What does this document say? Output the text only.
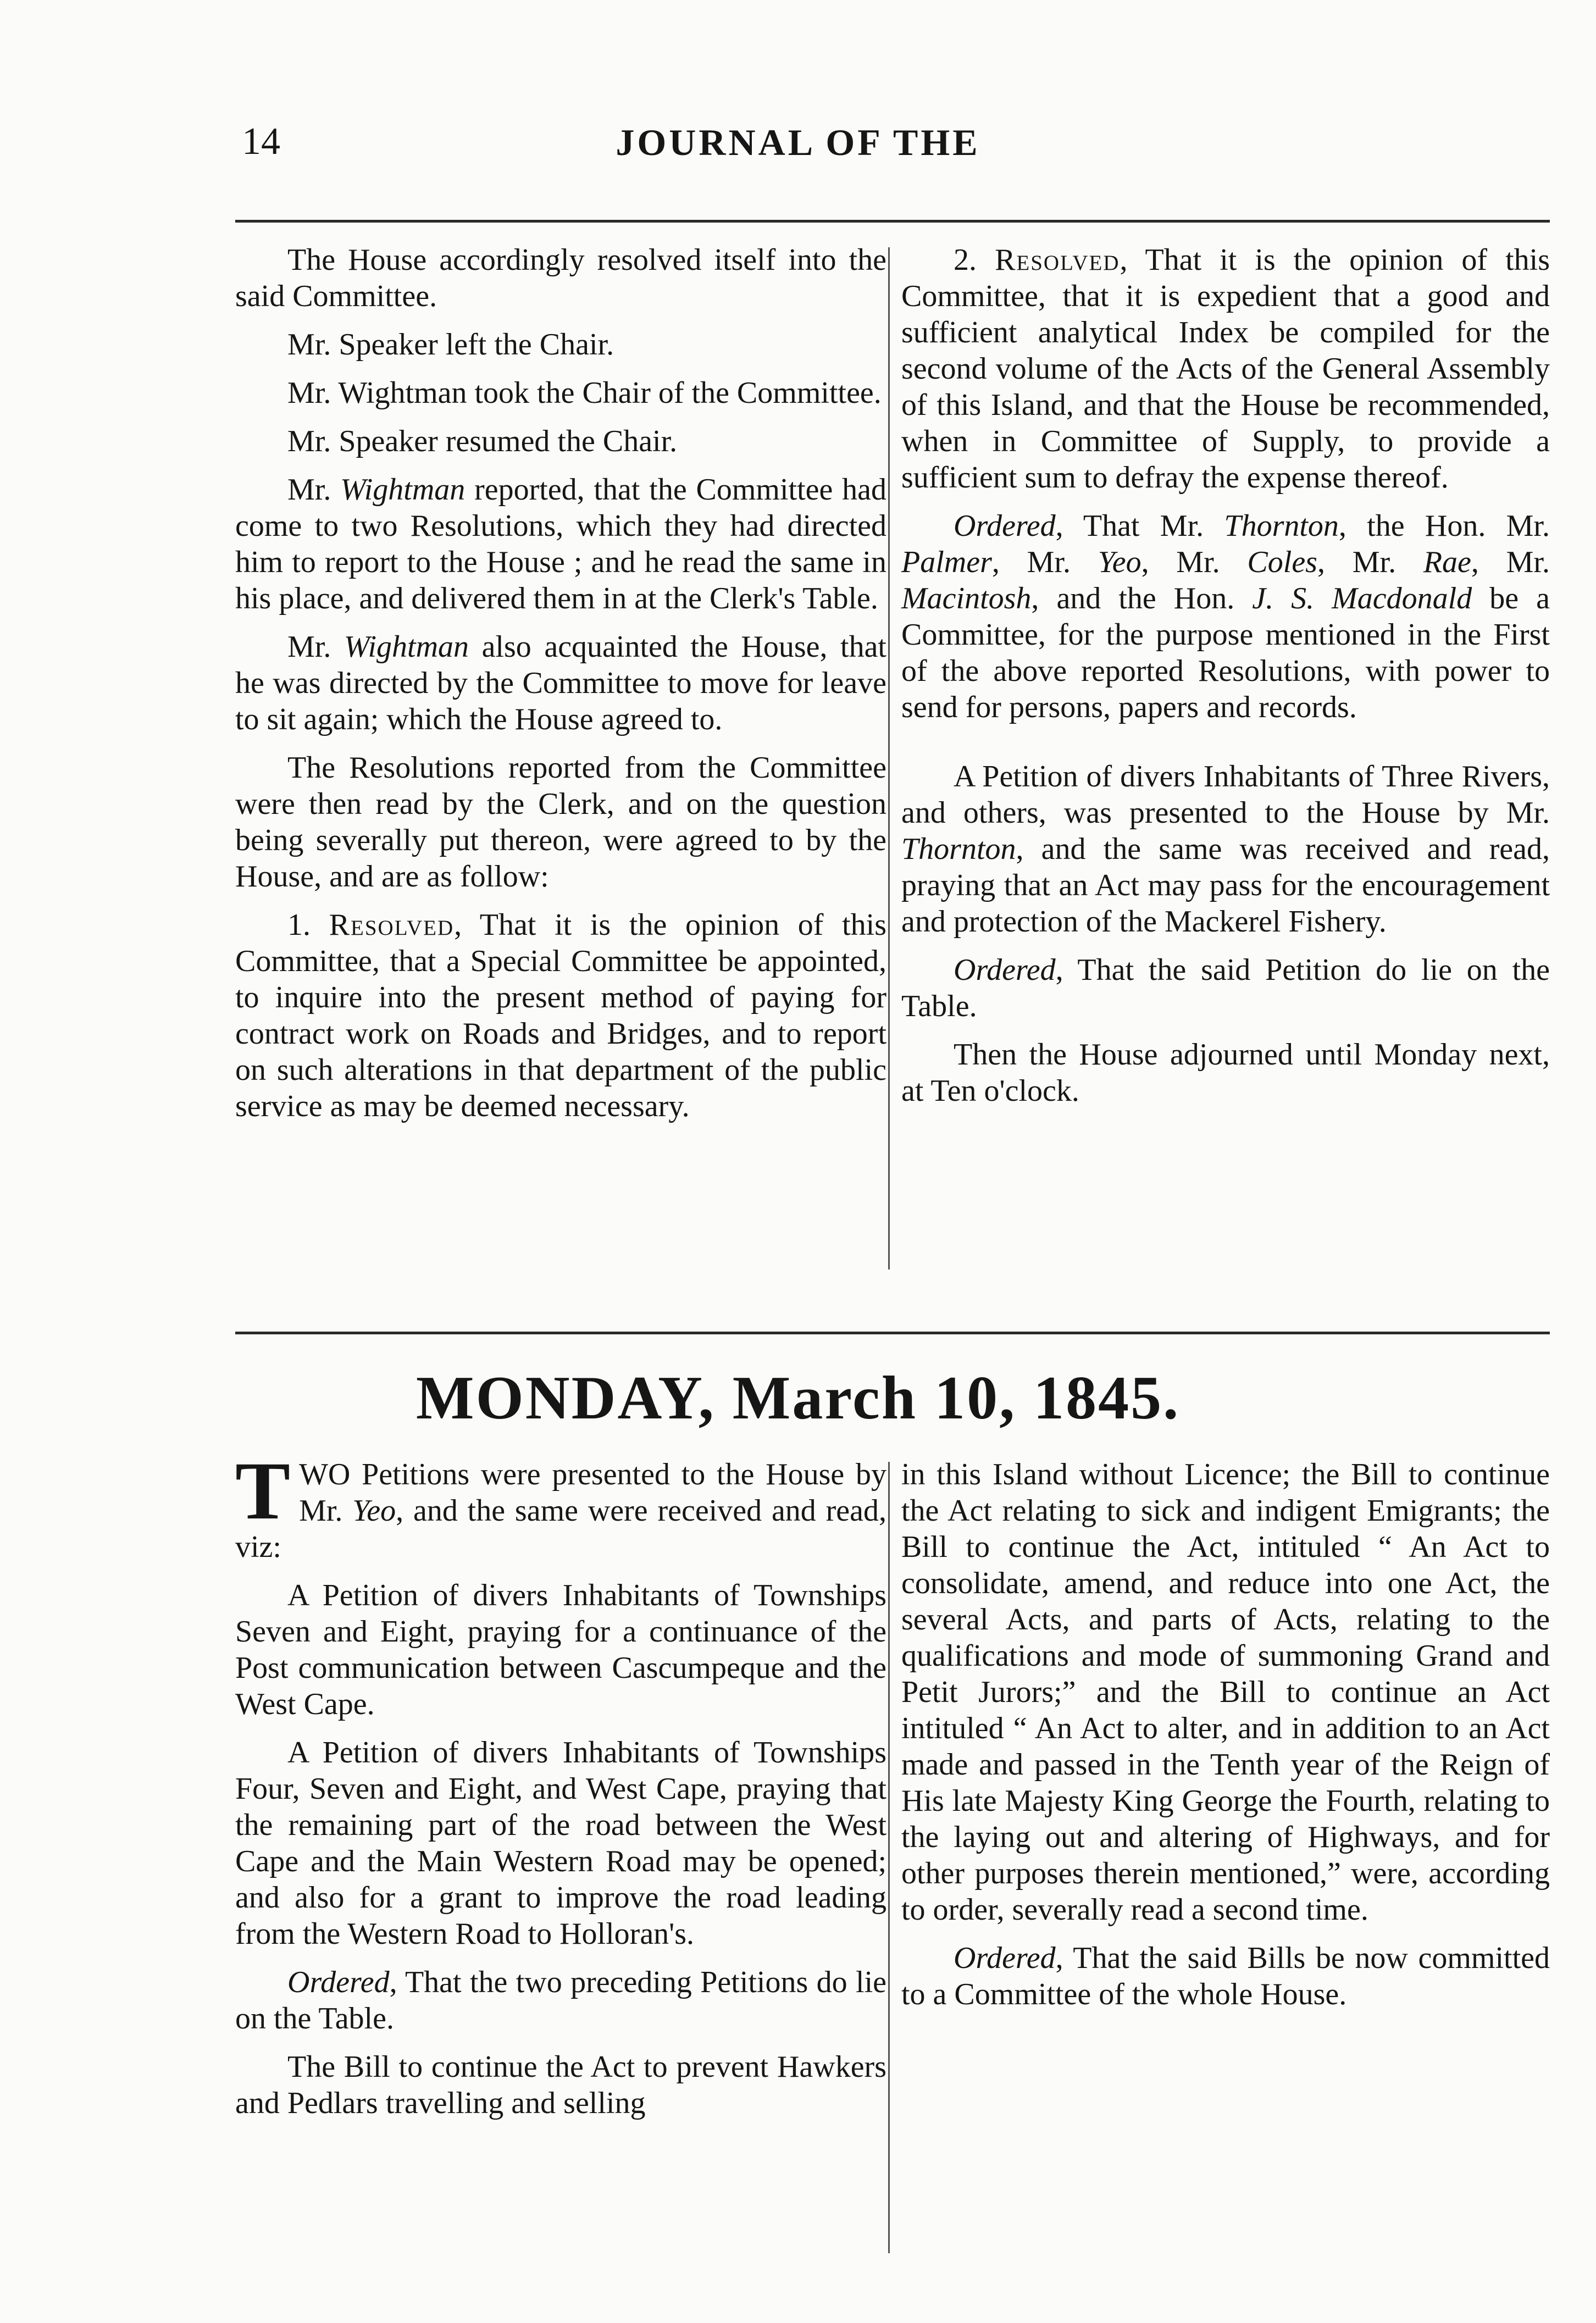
14	JOURNAL OF THE

The House accordingly resolved itself into the said Committee.

Mr. Speaker left the Chair.

Mr. Wightman took the Chair of the Committee.

Mr. Speaker resumed the Chair.

Mr. Wightman reported, that the Committee had come to two Resolutions, which they had directed him to report to the House ; and he read the same in his place, and delivered them in at the Clerk's Table.

Mr. Wightman also acquainted the House, that he was directed by the Committee to move for leave to sit again; which the House agreed to.

The Resolutions reported from the Committee were then read by the Clerk, and on the question being severally put thereon, were agreed to by the House, and are as follow:

1. Resolved, That it is the opinion of this Committee, that a Special Committee be appointed, to inquire into the present method of paying for contract work on Roads and Bridges, and to report on such alterations in that department of the public service as may be deemed necessary.

2. Resolved, That it is the opinion of this Committee, that it is expedient that a good and sufficient analytical Index be compiled for the second volume of the Acts of the General Assembly of this Island, and that the House be recommended, when in Committee of Supply, to provide a sufficient sum to defray the expense thereof.

Ordered, That Mr. Thornton, the Hon. Mr. Palmer, Mr. Yeo, Mr. Coles, Mr. Rae, Mr. Macintosh, and the Hon. J. S. Macdonald be a Committee, for the purpose mentioned in the First of the above reported Resolutions, with power to send for persons, papers and records.

A Petition of divers Inhabitants of Three Rivers, and others, was presented to the House by Mr. Thornton, and the same was received and read, praying that an Act may pass for the encouragement and protection of the Mackerel Fishery.

Ordered, That the said Petition do lie on the Table.

Then the House adjourned until Monday next, at Ten o'clock.

MONDAY, March 10, 1845.

TWO Petitions were presented to the House by Mr. Yeo, and the same were received and read, viz:

A Petition of divers Inhabitants of Townships Seven and Eight, praying for a continuance of the Post communication between Cascumpeque and the West Cape.

A Petition of divers Inhabitants of Townships Four, Seven and Eight, and West Cape, praying that the remaining part of the road between the West Cape and the Main Western Road may be opened; and also for a grant to improve the road leading from the Western Road to Holloran's.

Ordered, That the two preceding Petitions do lie on the Table.

The Bill to continue the Act to prevent Hawkers and Pedlars travelling and selling

in this Island without Licence; the Bill to continue the Act relating to sick and indigent Emigrants; the Bill to continue the Act, intituled “ An Act to consolidate, amend, and reduce into one Act, the several Acts, and parts of Acts, relating to the qualifications and mode of summoning Grand and Petit Jurors;” and the Bill to continue an Act intituled “ An Act to alter, and in addition to an Act made and passed in the Tenth year of the Reign of His late Majesty King George the Fourth, relating to the laying out and altering of Highways, and for other purposes therein mentioned,” were, according to order, severally read a second time.

Ordered, That the said Bills be now committed to a Committee of the whole House.
